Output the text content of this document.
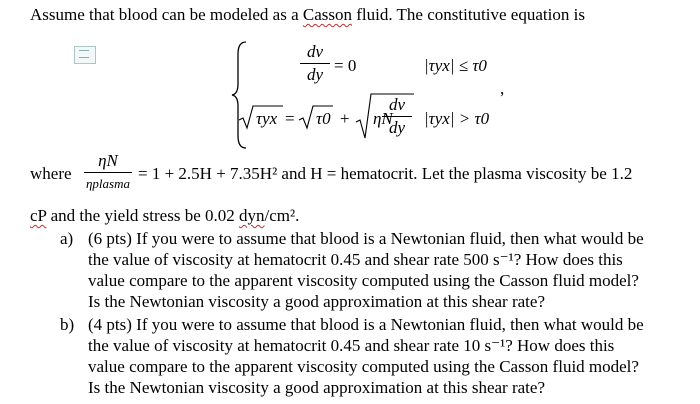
Assume that blood can be modeled as a Casson fluid. The constitutive equation is
dv
dy = 0	|τyx| ≤ τ0
τyx = τ0 + ηN
dv
dy	|τyx| > τ0
,
where
ηN
ηplasma
= 1 + 2.5H + 7.35H² and H = hematocrit. Let the plasma viscosity be 1.2
cP and the yield stress be 0.02 dyn/cm².
a) (6 pts) If you were to assume that blood is a Newtonian fluid, then what would be
the value of viscosity at hematocrit 0.45 and shear rate 500 s⁻¹? How does this
value compare to the apparent viscosity computed using the Casson fluid model?
Is the Newtonian viscosity a good approximation at this shear rate?
b) (4 pts) If you were to assume that blood is a Newtonian fluid, then what would be
the value of viscosity at hematocrit 0.45 and shear rate 10 s⁻¹? How does this
value compare to the apparent viscosity computed using the Casson fluid model?
Is the Newtonian viscosity a good approximation at this shear rate?
